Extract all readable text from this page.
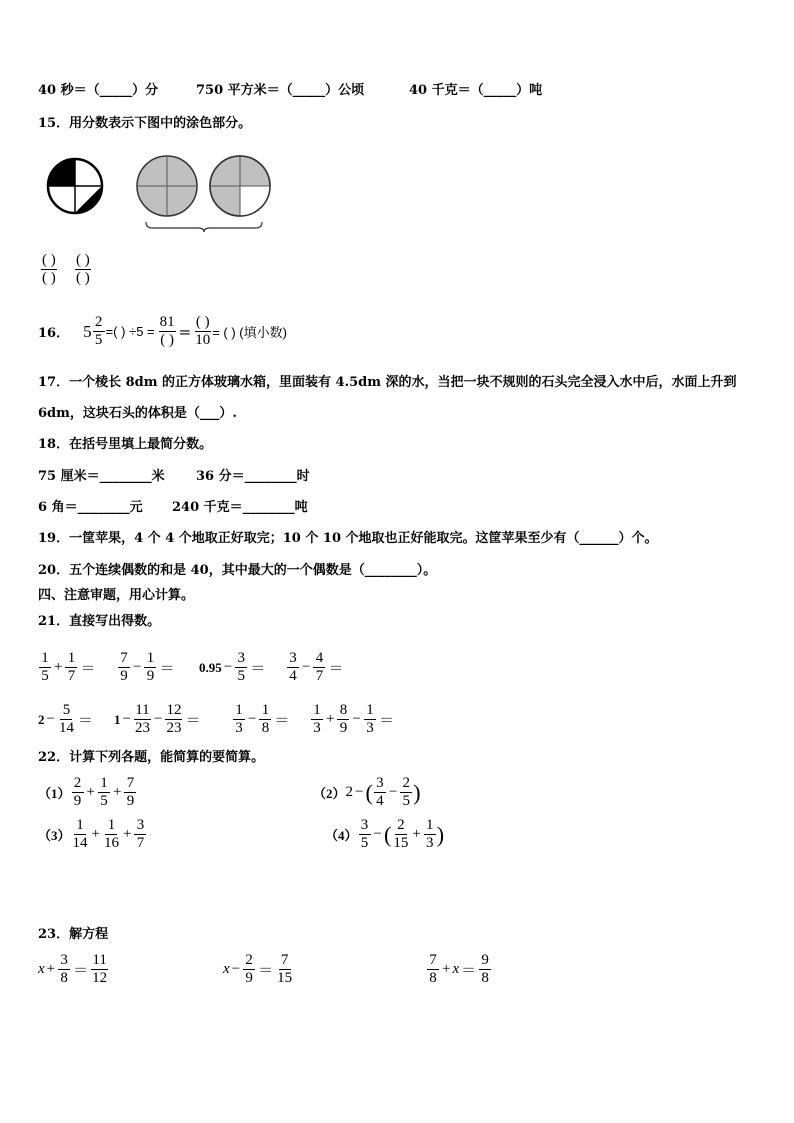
40 秒＝（_____）分	750 平方米＝（_____）公顷	40 千克＝（_____）吨
15．用分数表示下图中的涂色部分。
$\frac{( )}{( )} \frac{( )}{( )}$
16． $5 \frac{2}{5}$ =( ) $\div 5 = \frac{81}{( )} = \frac{( )}{10}$ = ( ) (填小数)
17．一个棱长 8dm 的正方体玻璃水箱，里面装有 4.5dm 深的水，当把一块不规则的石头完全浸入水中后，水面上升到
6dm，这块石头的体积是（___）.
18．在括号里填上最简分数。
75 厘米＝________米 36 分＝________时
6 角＝________元 240 千克＝________吨
19．一筐苹果，4 个 4 个地取正好取完；10 个 10 个地取也正好能取完。这筐苹果至少有（______）个。
20．五个连续偶数的和是 40，其中最大的一个偶数是（________）。
四、注意审题，用心计算。
21．直接写出得数。
$\frac{1}{5} + \frac{1}{7} = \frac{7}{9} - \frac{1}{9} = 0.95 - \frac{3}{5} = \frac{3}{4} - \frac{4}{7}$ ＝
$2 - \frac{5}{14} = 1 - \frac{11}{23} - \frac{12}{23} = \frac{1}{3} - \frac{1}{8} = \frac{1}{3} + \frac{8}{9} - \frac{1}{3}$ ＝
22．计算下列各题，能简算的要简算。
$(1) \frac{2}{9} + \frac{1}{5} + \frac{7}{9}$	（2） 2 − ( $\frac{3}{4} - \frac{2}{5}$ )
$(3) \frac{1}{14} + \frac{1}{16} + \frac{3}{7}$	$(4) \frac{3}{5}$ − ( $\frac{2}{15} + \frac{1}{3}$ )
23．解方程
$x + \frac{3}{8} = \frac{11}{12}$	$x - \frac{2}{9} = \frac{7}{15}$	$\frac{7}{8} + x = \frac{9}{8}$
